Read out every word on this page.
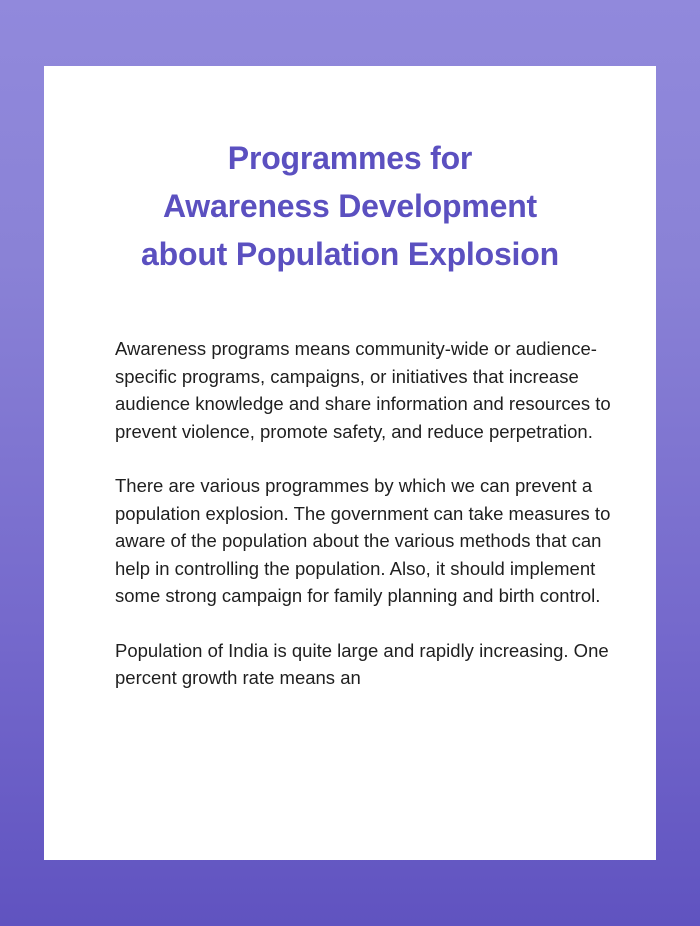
Programmes for
Awareness Development
about Population Explosion

Awareness programs means community-wide or audience- specific programs, campaigns, or initiatives that increase audience knowledge and share information and resources to prevent violence, promote safety, and reduce perpetration.

There are various programmes by which we can prevent a population explosion. The government can take measures to aware of the population about the various methods that can help in controlling the population. Also, it should implement some strong campaign for family planning and birth control.

Population of India is quite large and rapidly increasing. One percent growth rate means an
